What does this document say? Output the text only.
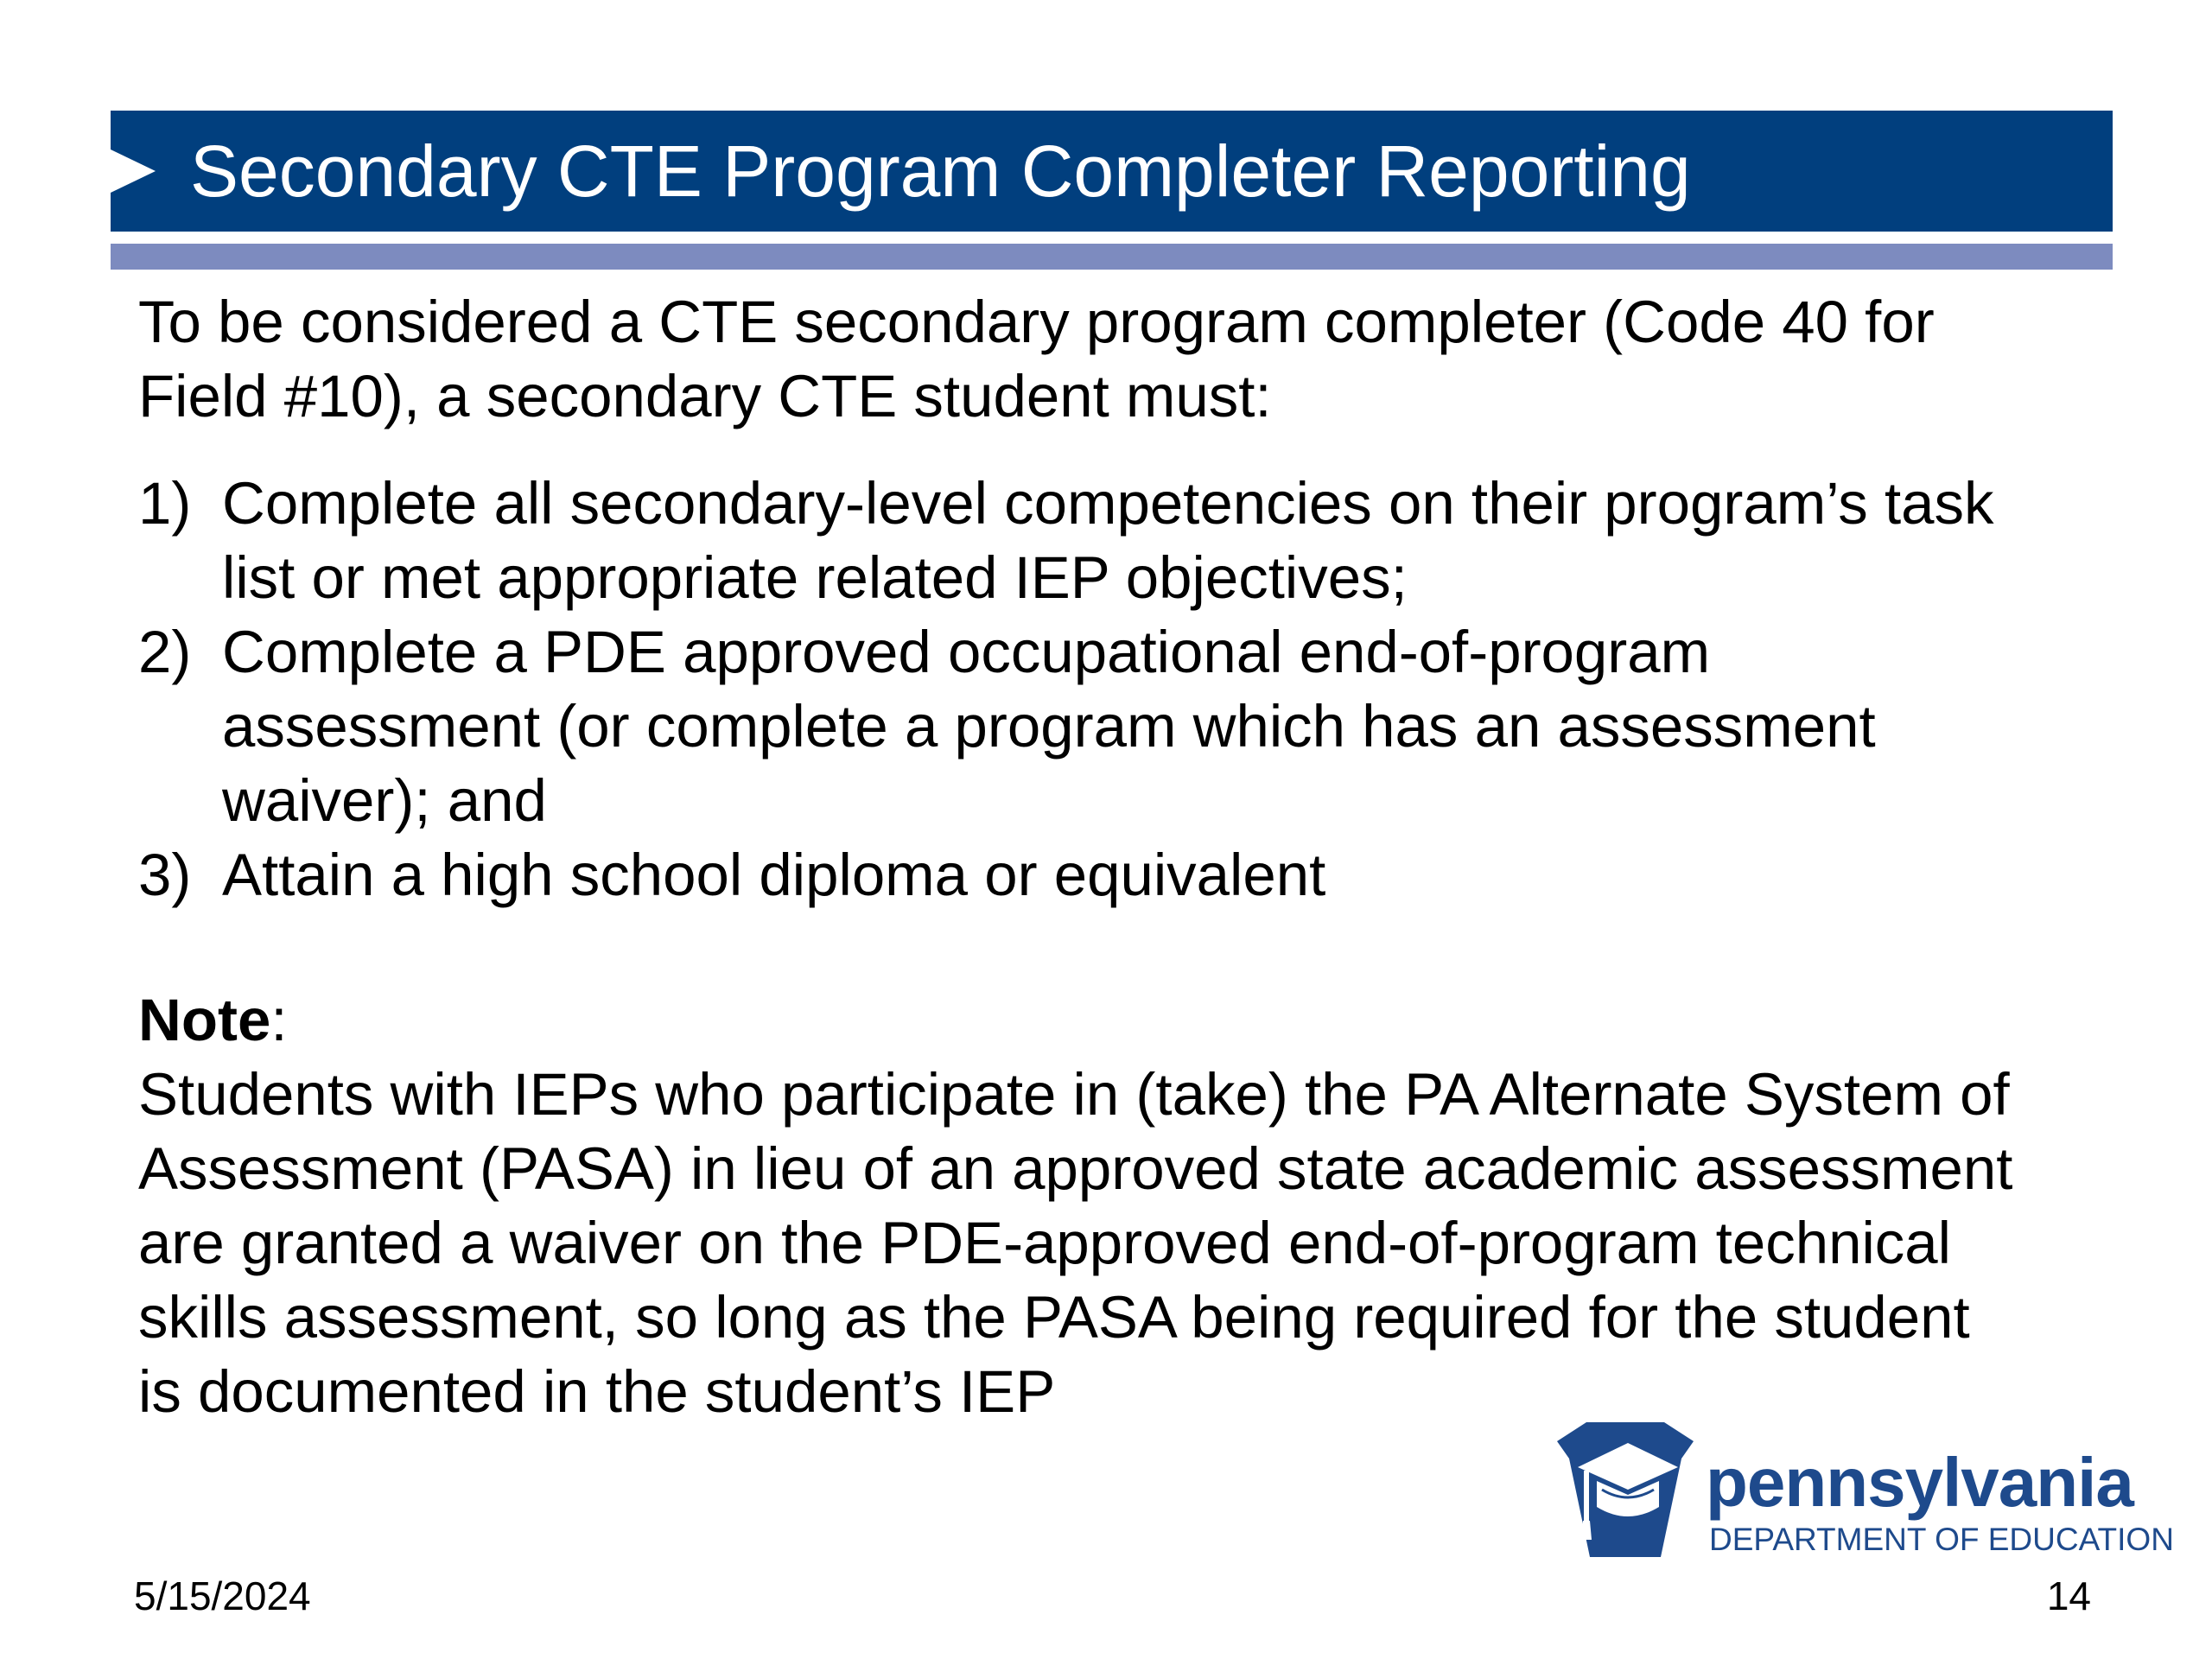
Secondary CTE Program Completer Reporting
To be considered a CTE secondary program completer (Code 40 for
Field #10), a secondary CTE student must:
1) Complete all secondary-level competencies on their program’s task
list or met appropriate related IEP objectives;
2) Complete a PDE approved occupational end-of-program
assessment (or complete a program which has an assessment
waiver); and
3) Attain a high school diploma or equivalent
Note:
Students with IEPs who participate in (take) the PA Alternate System of
Assessment (PASA) in lieu of an approved state academic assessment
are granted a waiver on the PDE-approved end-of-program technical
skills assessment, so long as the PASA being required for the student
is documented in the student’s IEP
pennsylvania
DEPARTMENT OF EDUCATION
5/15/2024	14
